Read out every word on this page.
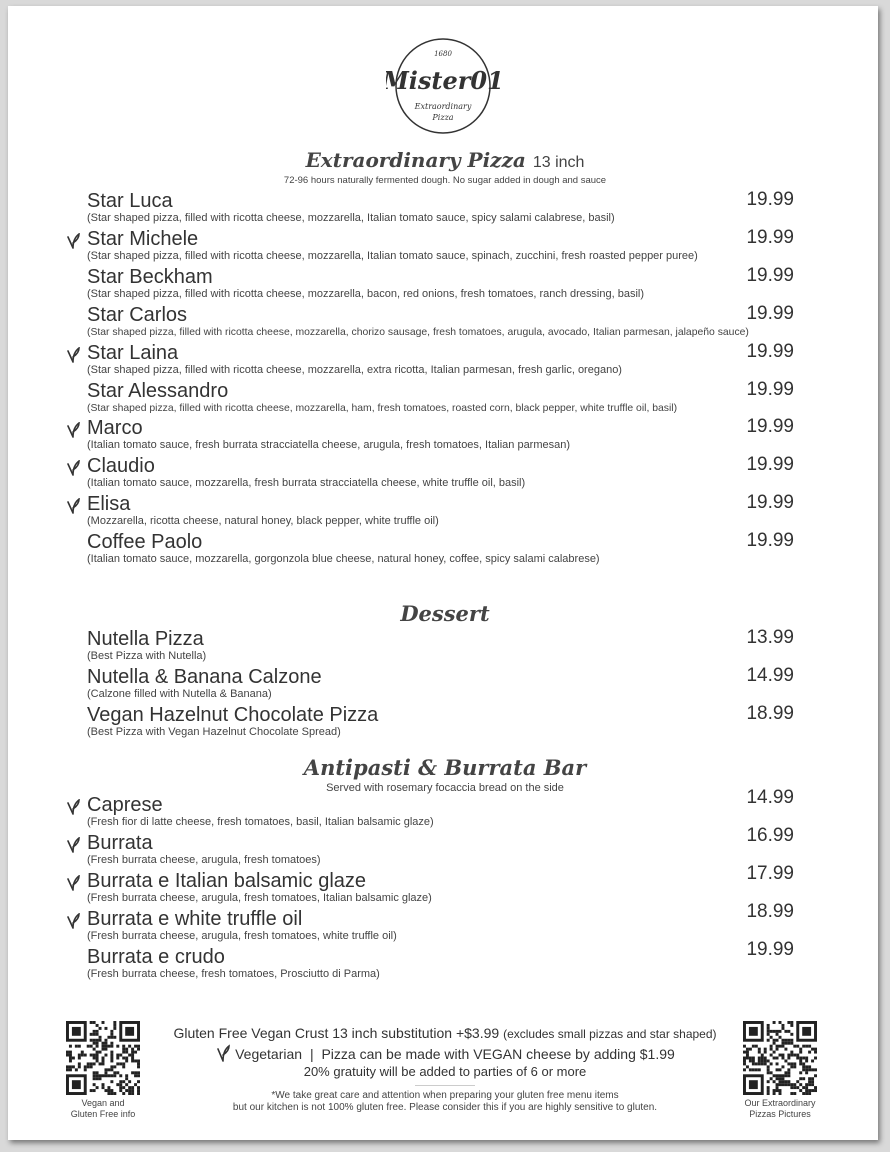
1680
Mister01
Extraordinary
Pizza
Extraordinary Pizza 13 inch
72-96 hours naturally fermented dough. No sugar added in dough and sauce
Star Luca
(Star shaped pizza, filled with ricotta cheese, mozzarella, Italian tomato sauce, spicy salami calabrese, basil)
19.99
Star Michele
(Star shaped pizza, filled with ricotta cheese, mozzarella, Italian tomato sauce, spinach, zucchini, fresh roasted pepper puree)
19.99
Star Beckham
(Star shaped pizza, filled with ricotta cheese, mozzarella, bacon, red onions, fresh tomatoes, ranch dressing, basil)
19.99
Star Carlos
(Star shaped pizza, filled with ricotta cheese, mozzarella, chorizo sausage, fresh tomatoes, arugula, avocado, Italian parmesan, jalapeño sauce)
19.99
Star Laina
(Star shaped pizza, filled with ricotta cheese, mozzarella, extra ricotta, Italian parmesan, fresh garlic, oregano)
19.99
Star Alessandro
(Star shaped pizza, filled with ricotta cheese, mozzarella, ham, fresh tomatoes, roasted corn, black pepper, white truffle oil, basil)
19.99
Marco
(Italian tomato sauce, fresh burrata stracciatella cheese, arugula, fresh tomatoes, Italian parmesan)
19.99
Claudio
(Italian tomato sauce, mozzarella, fresh burrata stracciatella cheese, white truffle oil, basil)
19.99
Elisa
(Mozzarella, ricotta cheese, natural honey, black pepper, white truffle oil)
19.99
Coffee Paolo
(Italian tomato sauce, mozzarella, gorgonzola blue cheese, natural honey, coffee, spicy salami calabrese)
19.99
Dessert
Nutella Pizza
(Best Pizza with Nutella)
13.99
Nutella & Banana Calzone
(Calzone filled with Nutella & Banana)
14.99
Vegan Hazelnut Chocolate Pizza
(Best Pizza with Vegan Hazelnut Chocolate Spread)
18.99
Antipasti & Burrata Bar
Served with rosemary focaccia bread on the side
Caprese
(Fresh fior di latte cheese, fresh tomatoes, basil, Italian balsamic glaze)
14.99
Burrata
(Fresh burrata cheese, arugula, fresh tomatoes)
16.99
Burrata e Italian balsamic glaze
(Fresh burrata cheese, arugula, fresh tomatoes, Italian balsamic glaze)
17.99
Burrata e white truffle oil
(Fresh burrata cheese, arugula, fresh tomatoes, white truffle oil)
18.99
Burrata e crudo
(Fresh burrata cheese, fresh tomatoes, Prosciutto di Parma)
19.99
Vegan and
Gluten Free info
Our Extraordinary
Pizzas Pictures
Gluten Free Vegan Crust 13 inch substitution +$3.99 (excludes small pizzas and star shaped)
Vegetarian | Pizza can be made with VEGAN cheese by adding $1.99
20% gratuity will be added to parties of 6 or more
*We take great care and attention when preparing your gluten free menu items
but our kitchen is not 100% gluten free. Please consider this if you are highly sensitive to gluten.
